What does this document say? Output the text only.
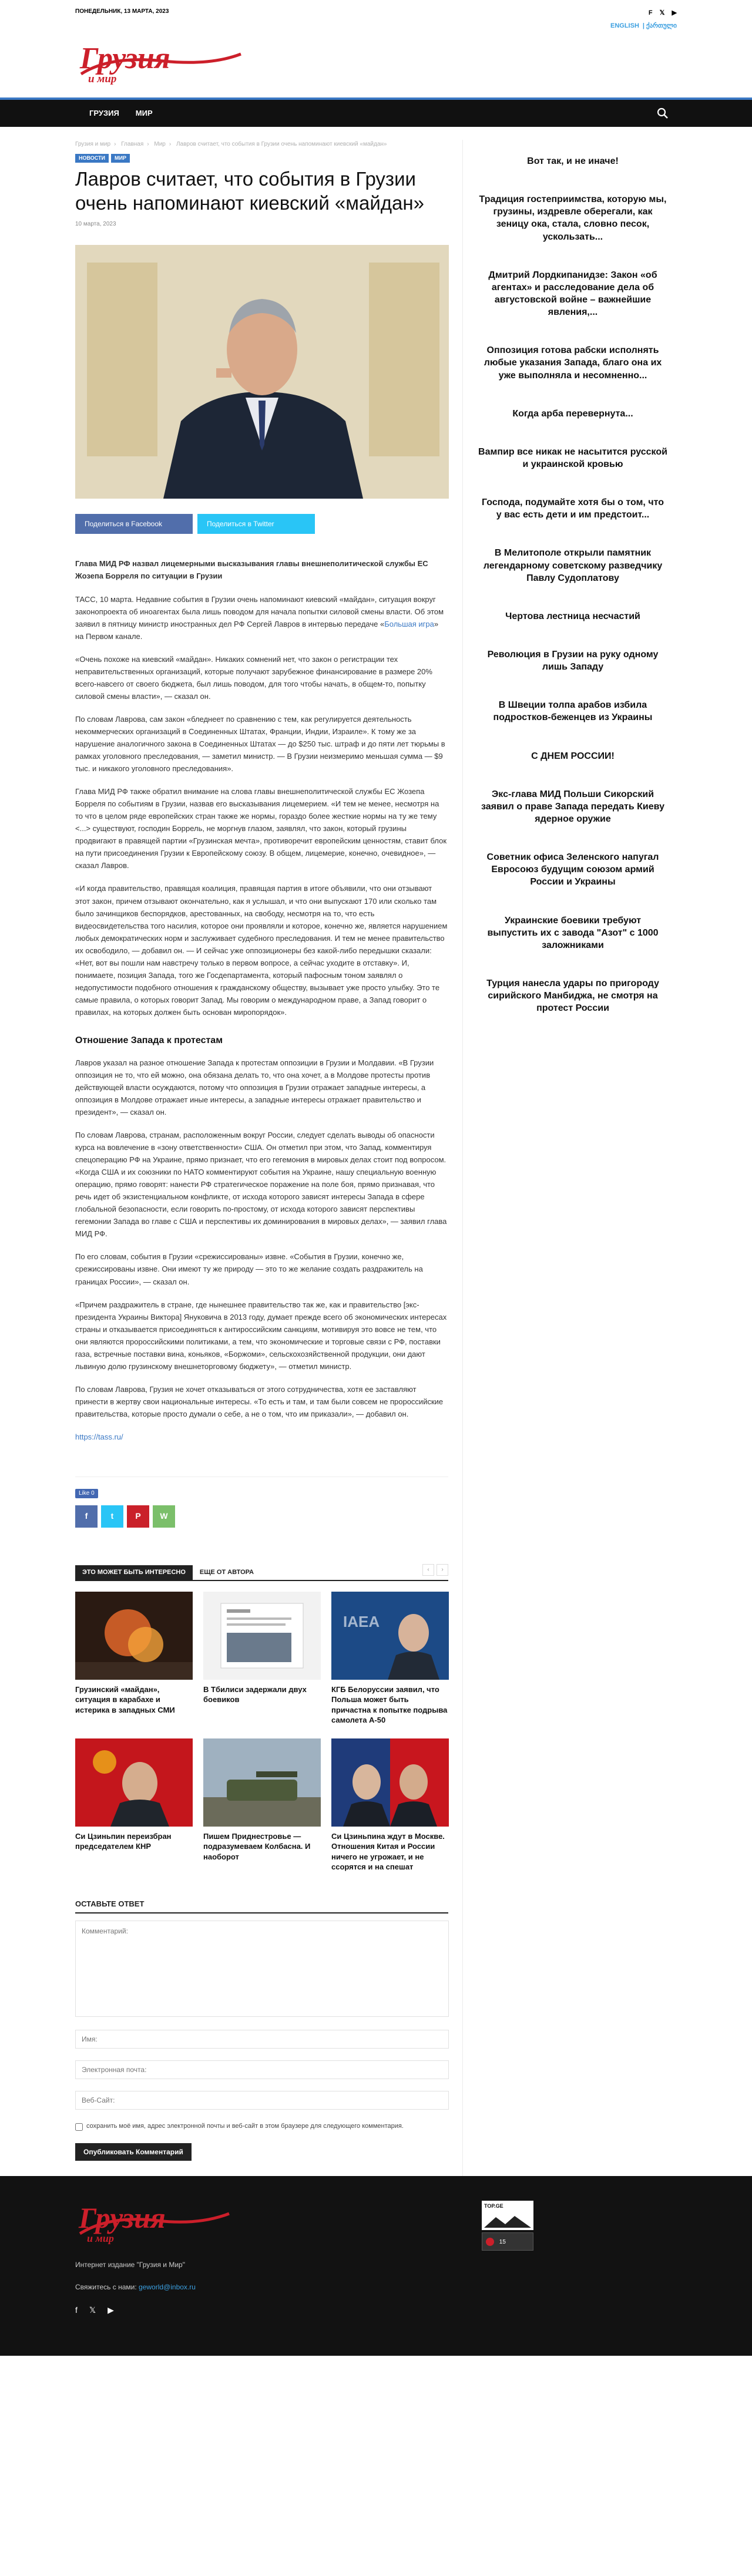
ПОНЕДЕЛЬНИК, 13 МАРТА, 2023	F 𝕏 ▶
ENGLISH | ქართული
Грузия
и мир
ГРУЗИЯ	МИР
Грузия и мир › Главная › Мир › Лавров считает, что события в Грузии очень напоминают киевский «майдан»
НОВОСТИ	МИР
Лавров считает, что события в Грузии очень напоминают киевский «майдан»
10 марта, 2023
Поделиться в Facebook	Поделиться в Twitter

Глава МИД РФ назвал лицемерными высказывания главы внешнеполитической службы ЕС Жозепа Борреля по ситуации в Грузии

ТАСС, 10 марта. Недавние события в Грузии очень напоминают киевский «майдан», ситуация вокруг законопроекта об иноагентах была лишь поводом для начала попытки силовой смены власти. Об этом заявил в пятницу министр иностранных дел РФ Сергей Лавров в интервью передаче «Большая игра» на Первом канале.

«Очень похоже на киевский «майдан». Никаких сомнений нет, что закон о регистрации тех неправительственных организаций, которые получают зарубежное финансирование в размере 20% всего-навсего от своего бюджета, был лишь поводом, для того чтобы начать, в общем-то, попытку силовой смены власти», — сказал он.

По словам Лаврова, сам закон «бледнеет по сравнению с тем, как регулируется деятельность некоммерческих организаций в Соединенных Штатах, Франции, Индии, Израиле». К тому же за нарушение аналогичного закона в Соединенных Штатах — до $250 тыс. штраф и до пяти лет тюрьмы в рамках уголовного преследования, — заметил министр. — В Грузии неизмеримо меньшая сумма — $9 тыс. и никакого уголовного преследования».

Глава МИД РФ также обратил внимание на слова главы внешнеполитической службы ЕС Жозепа Борреля по событиям в Грузии, назвав его высказывания лицемерием. «И тем не менее, несмотря на то что в целом ряде европейских стран также же нормы, гораздо более жесткие нормы на ту же тему <...> существуют, господин Боррель, не моргнув глазом, заявлял, что закон, который грузины продвигают в правящей партии «Грузинская мечта», противоречит европейским ценностям, ставит блок на пути присоединения Грузии к Европейскому союзу. В общем, лицемерие, конечно, очевидное», — сказал Лавров.

«И когда правительство, правящая коалиция, правящая партия в итоге объявили, что они отзывают этот закон, причем отзывают окончательно, как я услышал, и что они выпускают 170 или сколько там было зачинщиков беспорядков, арестованных, на свободу, несмотря на то, что есть видеосвидетельства того насилия, которое они проявляли и которое, конечно же, является нарушением любых демократических норм и заслуживает судебного преследования. И тем не менее правительство их освободило, — добавил он. — И сейчас уже оппозиционеры без какой-либо передышки сказали: «Нет, вот вы пошли нам навстречу только в первом вопросе, а сейчас уходите в отставку». И, понимаете, позиция Запада, того же Госдепартамента, который пафосным тоном заявлял о недопустимости подобного отношения к гражданскому обществу, вызывает уже просто улыбку. Это те самые правила, о которых говорит Запад. Мы говорим о международном праве, а Запад говорит о правилах, на которых должен быть основан миропорядок».

Отношение Запада к протестам

Лавров указал на разное отношение Запада к протестам оппозиции в Грузии и Молдавии. «В Грузии оппозиция не то, что ей можно, она обязана делать то, что она хочет, а в Молдове протесты против действующей власти осуждаются, потому что оппозиция в Грузии отражает западные интересы, а оппозиция в Молдове отражает иные интересы, а западные интересы отражает правительство и президент», — сказал он.

По словам Лаврова, странам, расположенным вокруг России, следует сделать выводы об опасности курса на вовлечение в «зону ответственности» США. Он отметил при этом, что Запад, комментируя спецоперацию РФ на Украине, прямо признает, что его гегемония в мировых делах стоит под вопросом. «Когда США и их союзники по НАТО комментируют события на Украине, нашу специальную военную операцию, прямо говорят: нанести РФ стратегическое поражение на поле боя, прямо признавая, что речь идет об экзистенциальном конфликте, от исхода которого зависят интересы Запада в сфере глобальной безопасности, если говорить по-простому, от исхода которого зависят перспективы гегемонии Запада во главе с США и перспективы их доминирования в мировых делах», — заявил глава МИД РФ.

По его словам, события в Грузии «срежиссированы» извне. «События в Грузии, конечно же, срежиссированы извне. Они имеют ту же природу — это то же желание создать раздражитель на границах России», — сказал он.

«Причем раздражитель в стране, где нынешнее правительство так же, как и правительство [экс-президента Украины Виктора] Януковича в 2013 году, думает прежде всего об экономических интересах страны и отказывается присоединяться к антироссийским санкциям, мотивируя это вовсе не тем, что они являются пророссийскими политиками, а тем, что экономические и торговые связи с РФ, поставки газа, встречные поставки вина, коньяков, «Боржоми», сельскохозяйственной продукции, они дают львиную долю грузинскому внешнеторговому бюджету», — отметил министр.

По словам Лаврова, Грузия не хочет отказываться от этого сотрудничества, хотя ее заставляют принести в жертву свои национальные интересы. «То есть и там, и там были совсем не пророссийские правительства, которые просто думали о себе, а не о том, что им приказали», — добавил он.

https://tass.ru/

Like 0
f	t	P	W
ЭТО МОЖЕТ БЫТЬ ИНТЕРЕСНО	ЕЩЕ ОТ АВТОРА	‹	›
Грузинский «майдан», ситуация в карабахе и истерика в западных СМИ
В Тбилиси задержали двух боевиков
IAEA
КГБ Белоруссии заявил, что Польша может быть причастна к попытке подрыва самолета А-50
Си Цзиньпин переизбран председателем КНР
Пишем Приднестровье — подразумеваем Колбасна. И наоборот
Си Цзиньпина ждут в Москве. Отношения Китая и России ничего не угрожает, и не ссорятся и на спешат
ОСТАВЬТЕ ОТВЕТ
Комментарий:
Имя:
Электронная почта:
Веб-Сайт:
сохранить моё имя, адрес электронной почты и веб-сайт в этом браузере для следующего комментария.
Опубликовать Комментарий
Вот так, и не иначе!
Традиция гостеприимства, которую мы, грузины, издревле оберегали, как зеницу ока, стала, словно песок, ускользать...
Дмитрий Лордкипанидзе: Закон «об агентах» и расследование дела об августовской войне – важнейшие явления,...
Оппозиция готова рабски исполнять любые указания Запада, благо она их уже выполняла и несомненно...
Когда арба перевернута...
Вампир все никак не насытится русской и украинской кровью
Господа, подумайте хотя бы о том, что у вас есть дети и им предстоит...
В Мелитополе открыли памятник легендарному советскому разведчику Павлу Судоплатову
Чертова лестница несчастий
Революция в Грузии на руку одному лишь Западу
В Швеции толпа арабов избила подростков-беженцев из Украины
С ДНЕМ РОССИИ!
Экс-глава МИД Польши Сикорский заявил о праве Запада передать Киеву ядерное оружие
Советник офиса Зеленского напугал Евросоюз будущим союзом армий России и Украины
Украинские боевики требуют выпустить их с завода "Азот" с 1000 заложниками
Турция нанесла удары по пригороду сирийского Манбиджа, не смотря на протест России
Грузия
и мир
Интернет издание "Грузия и Мир"
Свяжитесь с нами: geworld@inbox.ru
f 𝕏 ▶
TOP.GE
15
